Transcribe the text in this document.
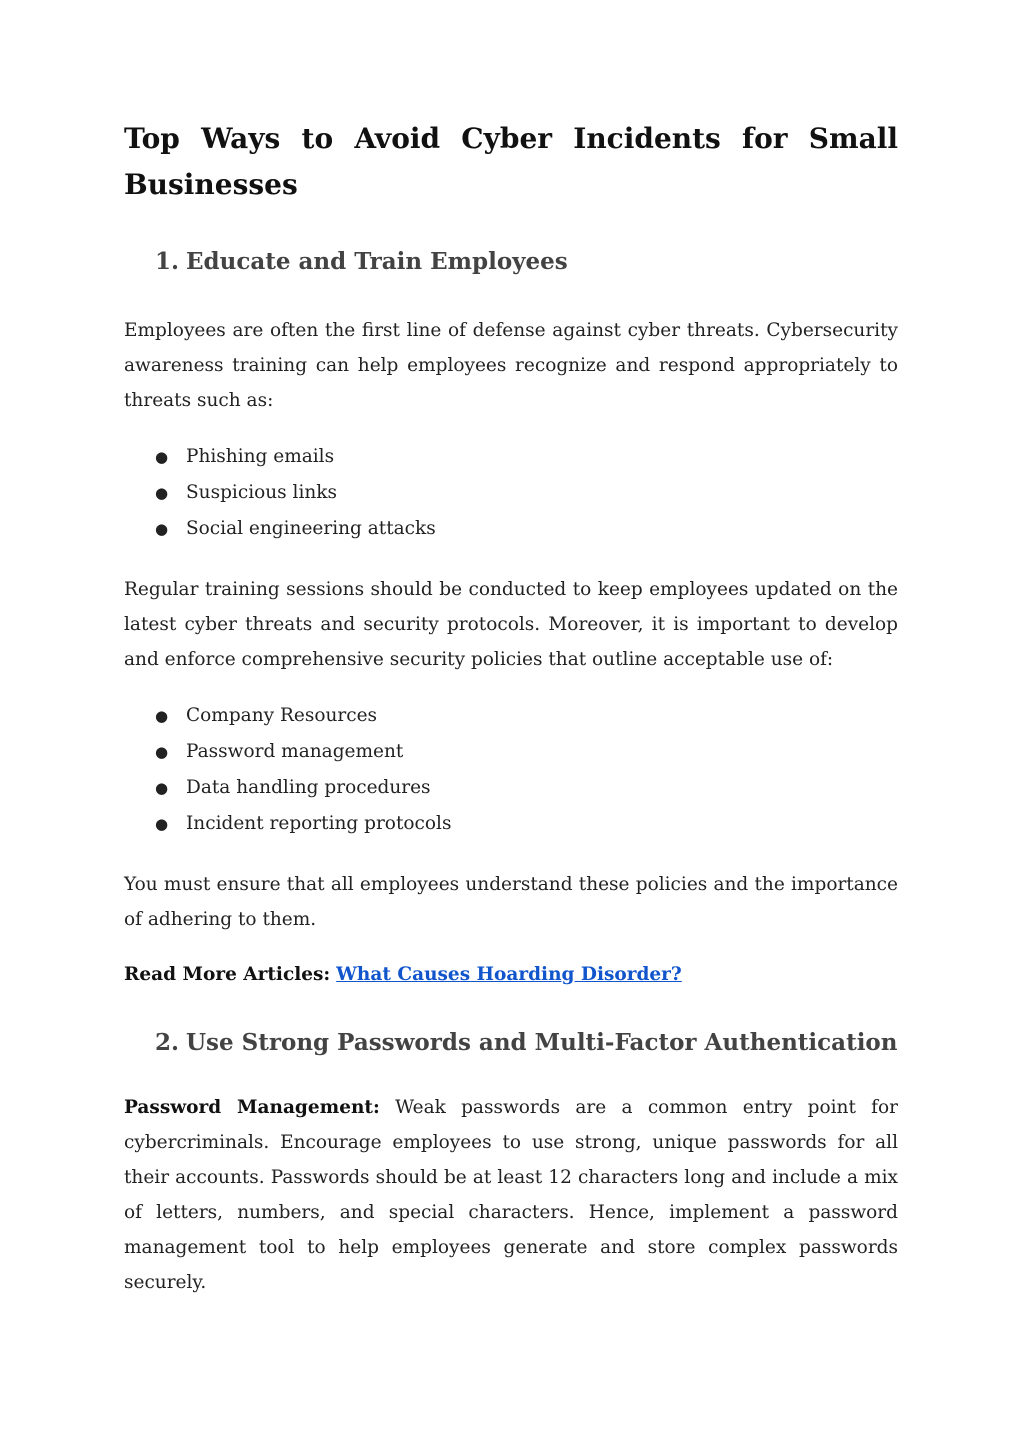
Top Ways to Avoid Cyber Incidents for Small Businesses
1. Educate and Train Employees

Employees are often the first line of defense against cyber threats. Cybersecurity awareness training can help employees recognize and respond appropriately to threats such as:

● Phishing emails
● Suspicious links
● Social engineering attacks

Regular training sessions should be conducted to keep employees updated on the latest cyber threats and security protocols. Moreover, it is important to develop and enforce comprehensive security policies that outline acceptable use of:

● Company Resources
● Password management
● Data handling procedures
● Incident reporting protocols

You must ensure that all employees understand these policies and the importance of adhering to them.

Read More Articles: What Causes Hoarding Disorder?

2. Use Strong Passwords and Multi-Factor Authentication

Password Management: Weak passwords are a common entry point for cybercriminals. Encourage employees to use strong, unique passwords for all their accounts. Passwords should be at least 12 characters long and include a mix of letters, numbers, and special characters. Hence, implement a password management tool to help employees generate and store complex passwords securely.
